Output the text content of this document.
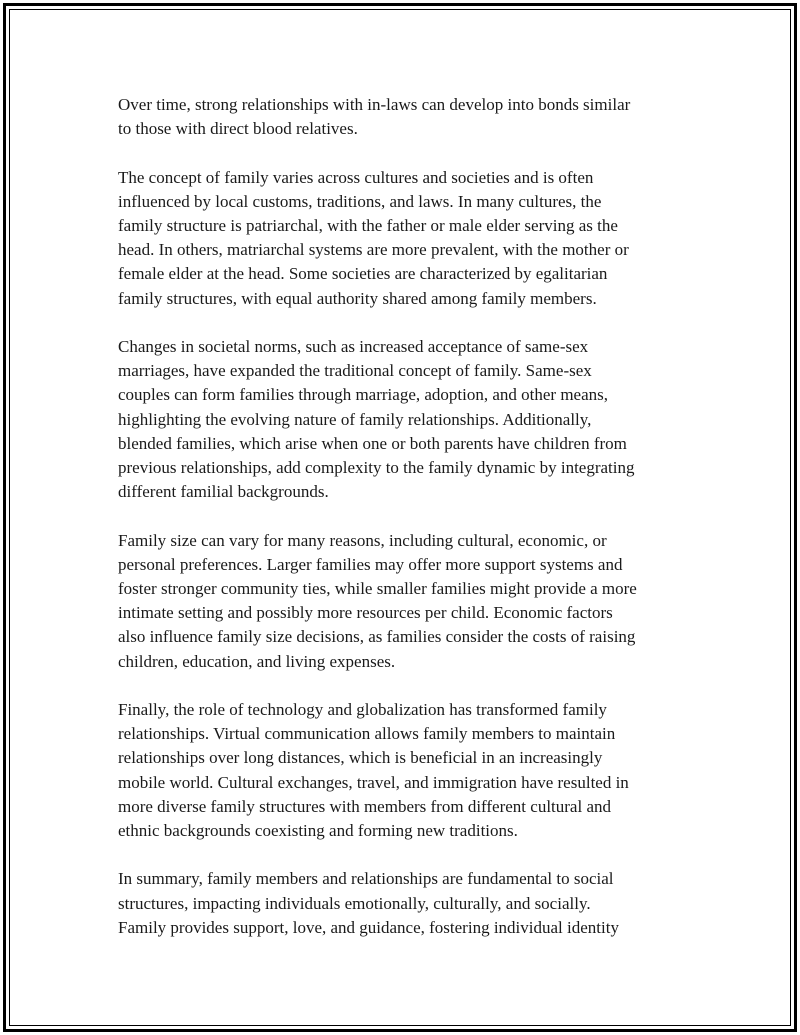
Over time, strong relationships with in-laws can develop into bonds similar
to those with direct blood relatives.

The concept of family varies across cultures and societies and is often
influenced by local customs, traditions, and laws. In many cultures, the
family structure is patriarchal, with the father or male elder serving as the
head. In others, matriarchal systems are more prevalent, with the mother or
female elder at the head. Some societies are characterized by egalitarian
family structures, with equal authority shared among family members.

Changes in societal norms, such as increased acceptance of same-sex
marriages, have expanded the traditional concept of family. Same-sex
couples can form families through marriage, adoption, and other means,
highlighting the evolving nature of family relationships. Additionally,
blended families, which arise when one or both parents have children from
previous relationships, add complexity to the family dynamic by integrating
different familial backgrounds.

Family size can vary for many reasons, including cultural, economic, or
personal preferences. Larger families may offer more support systems and
foster stronger community ties, while smaller families might provide a more
intimate setting and possibly more resources per child. Economic factors
also influence family size decisions, as families consider the costs of raising
children, education, and living expenses.

Finally, the role of technology and globalization has transformed family
relationships. Virtual communication allows family members to maintain
relationships over long distances, which is beneficial in an increasingly
mobile world. Cultural exchanges, travel, and immigration have resulted in
more diverse family structures with members from different cultural and
ethnic backgrounds coexisting and forming new traditions.

In summary, family members and relationships are fundamental to social
structures, impacting individuals emotionally, culturally, and socially.
Family provides support, love, and guidance, fostering individual identity
